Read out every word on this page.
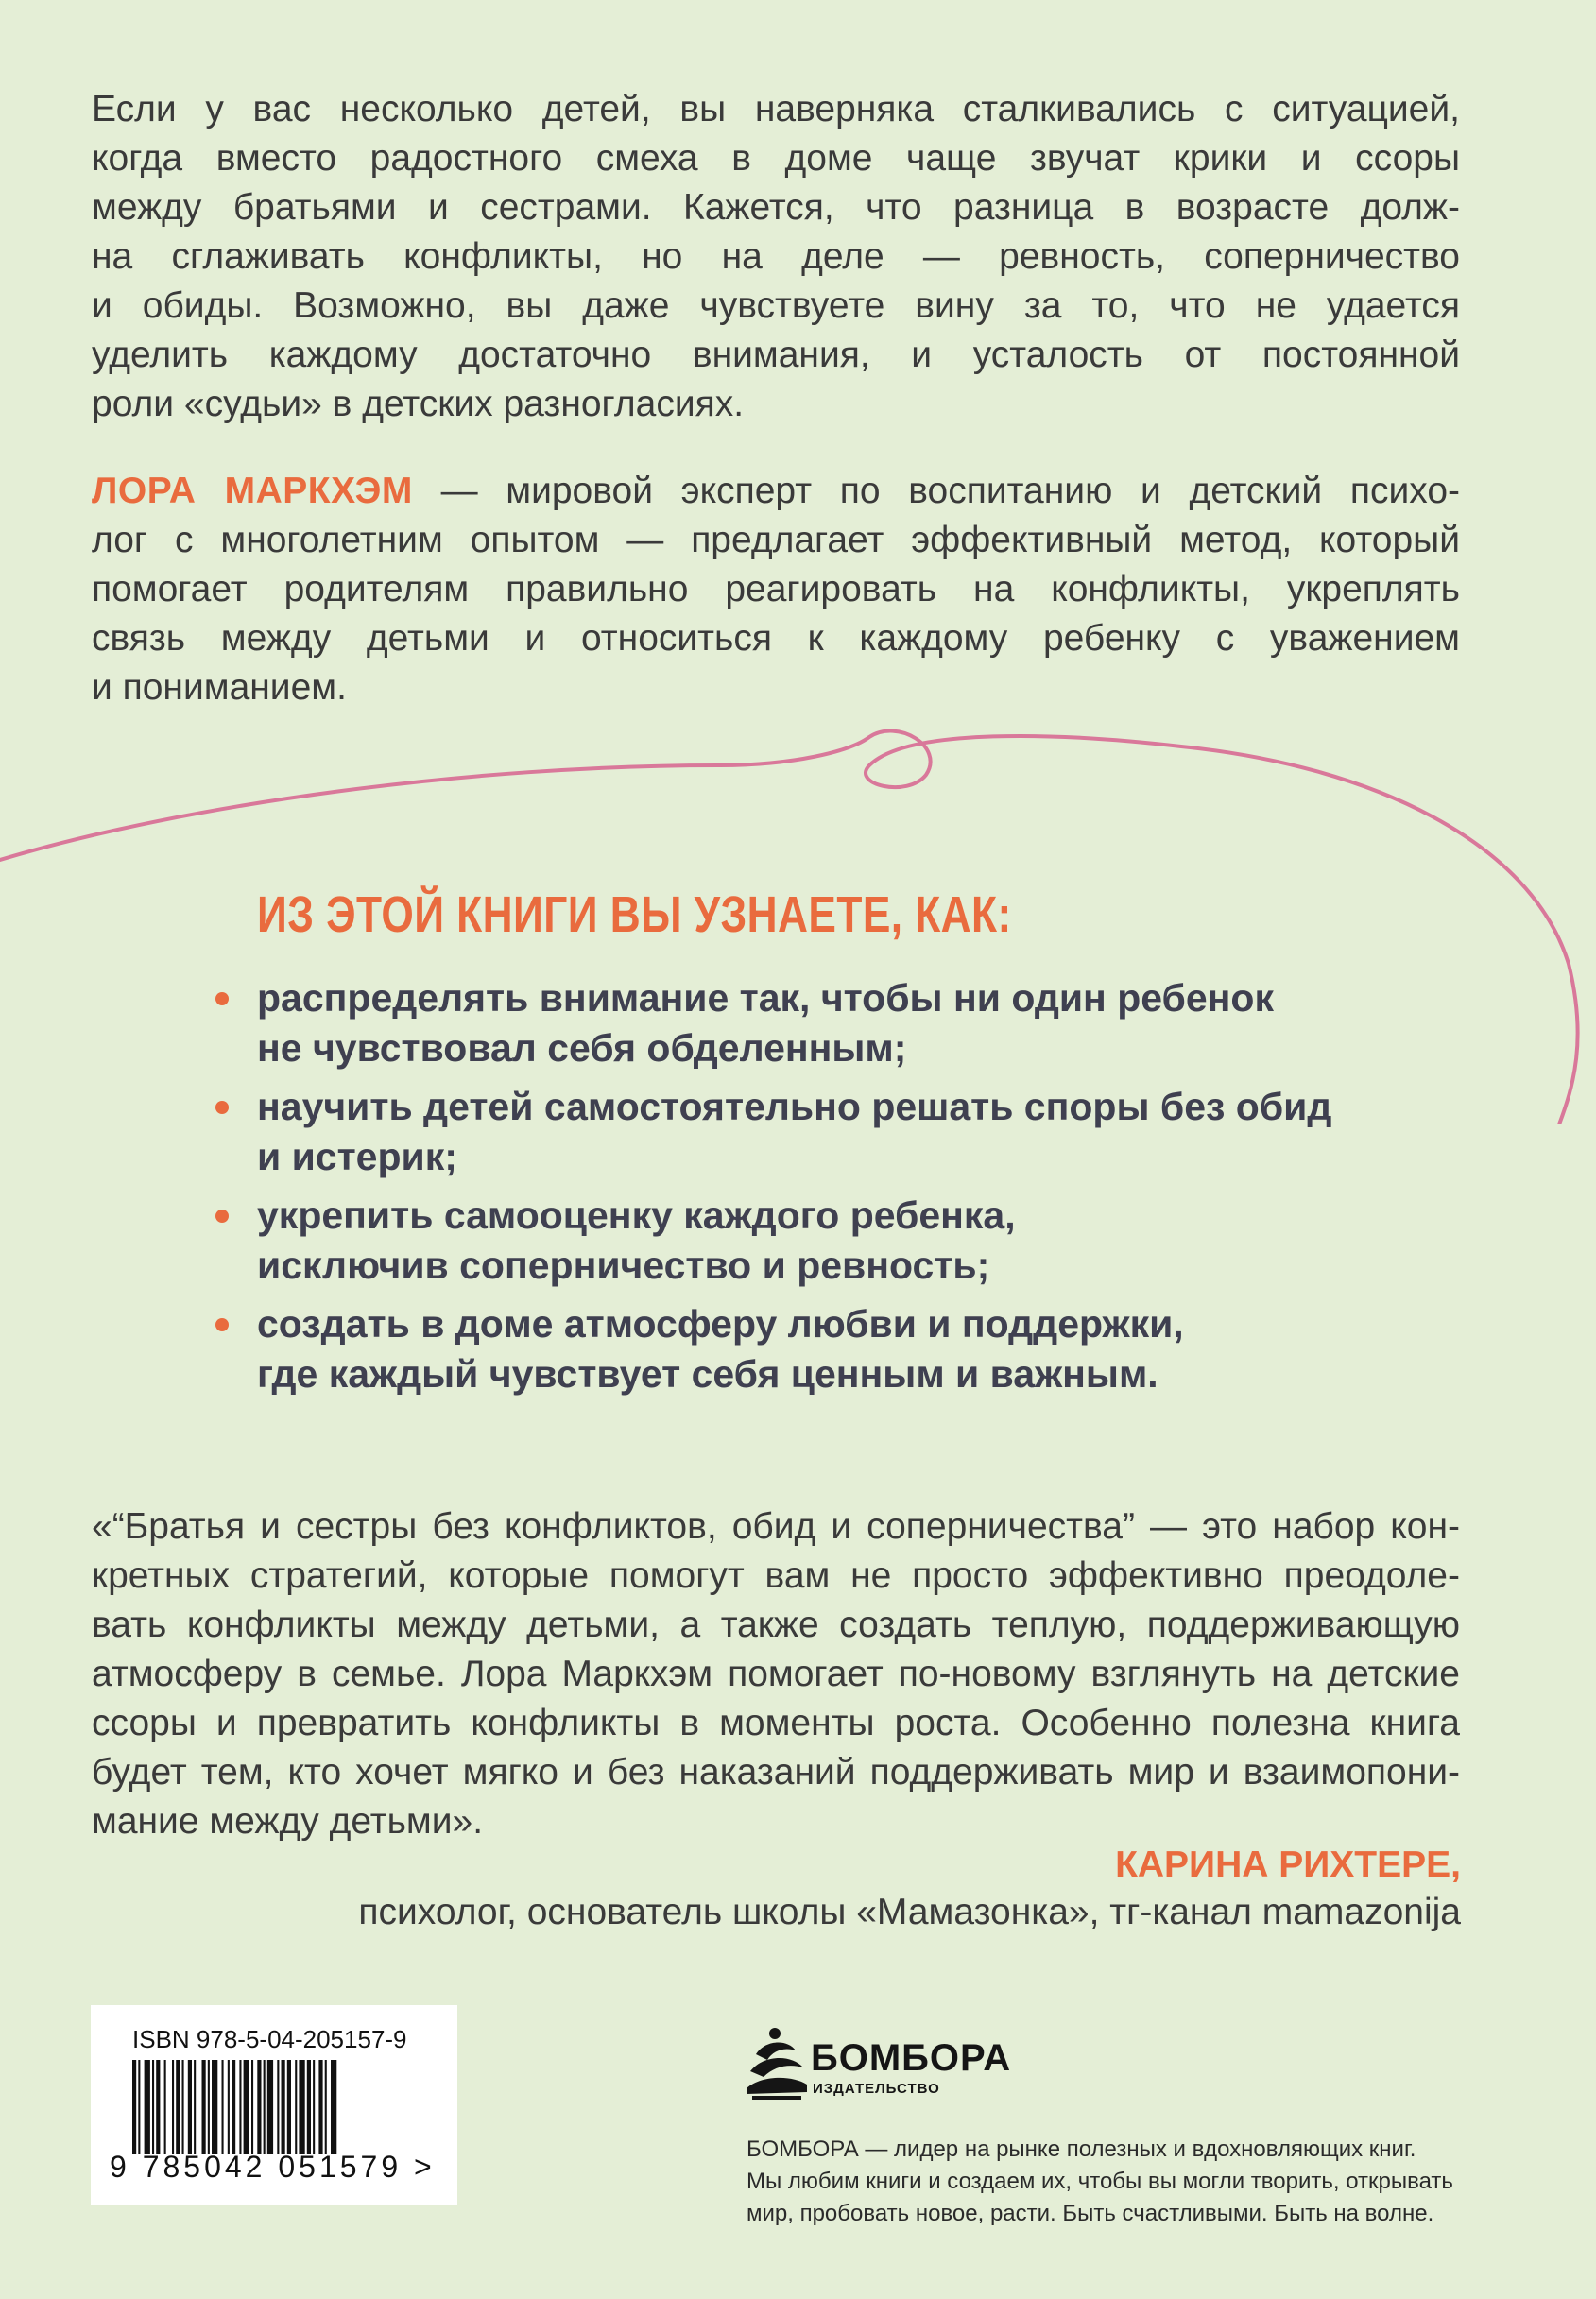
Если у вас несколько детей, вы наверняка сталкивались с ситуацией,
когда вместо радостного смеха в доме чаще звучат крики и ссоры
между братьями и сестрами. Кажется, что разница в возрасте долж-
на сглаживать конфликты, но на деле — ревность, соперничество
и обиды. Возможно, вы даже чувствуете вину за то, что не удается
уделить каждому достаточно внимания, и усталость от постоянной
роли «судьи» в детских разногласиях.
ЛОРА МАРКХЭМ — мировой эксперт по воспитанию и детский психо-
лог с многолетним опытом — предлагает эффективный метод, который
помогает родителям правильно реагировать на конфликты, укреплять
связь между детьми и относиться к каждому ребенку с уважением
и пониманием.
ИЗ ЭТОЙ КНИГИ ВЫ УЗНАЕТЕ, КАК:
распределять внимание так, чтобы ни один ребенок
не чувствовал себя обделенным;
научить детей самостоятельно решать споры без обид
и истерик;
укрепить самооценку каждого ребенка,
исключив соперничество и ревность;
создать в доме атмосферу любви и поддержки,
где каждый чувствует себя ценным и важным.
«“Братья и сестры без конфликтов, обид и соперничества” — это набор кон-
кретных стратегий, которые помогут вам не просто эффективно преодоле-
вать конфликты между детьми, а также создать теплую, поддерживающую
атмосферу в семье. Лора Маркхэм помогает по-новому взглянуть на детские
ссоры и превратить конфликты в моменты роста. Особенно полезна книга
будет тем, кто хочет мягко и без наказаний поддерживать мир и взаимопони-
мание между детьми».

КАРИНА РИХТЕРЕ,

психолог, основатель школы «Мамазонка», тг-канал mamazonija

ISBN 978-5-04-205157-9
9 785042 051579 >
БОМБОРА
ИЗДАТЕЛЬСТВО

БОМБОРА — лидер на рынке полезных и вдохновляющих книг.
Мы любим книги и создаем их, чтобы вы могли творить, открывать
мир, пробовать новое, расти. Быть счастливыми. Быть на волне.
